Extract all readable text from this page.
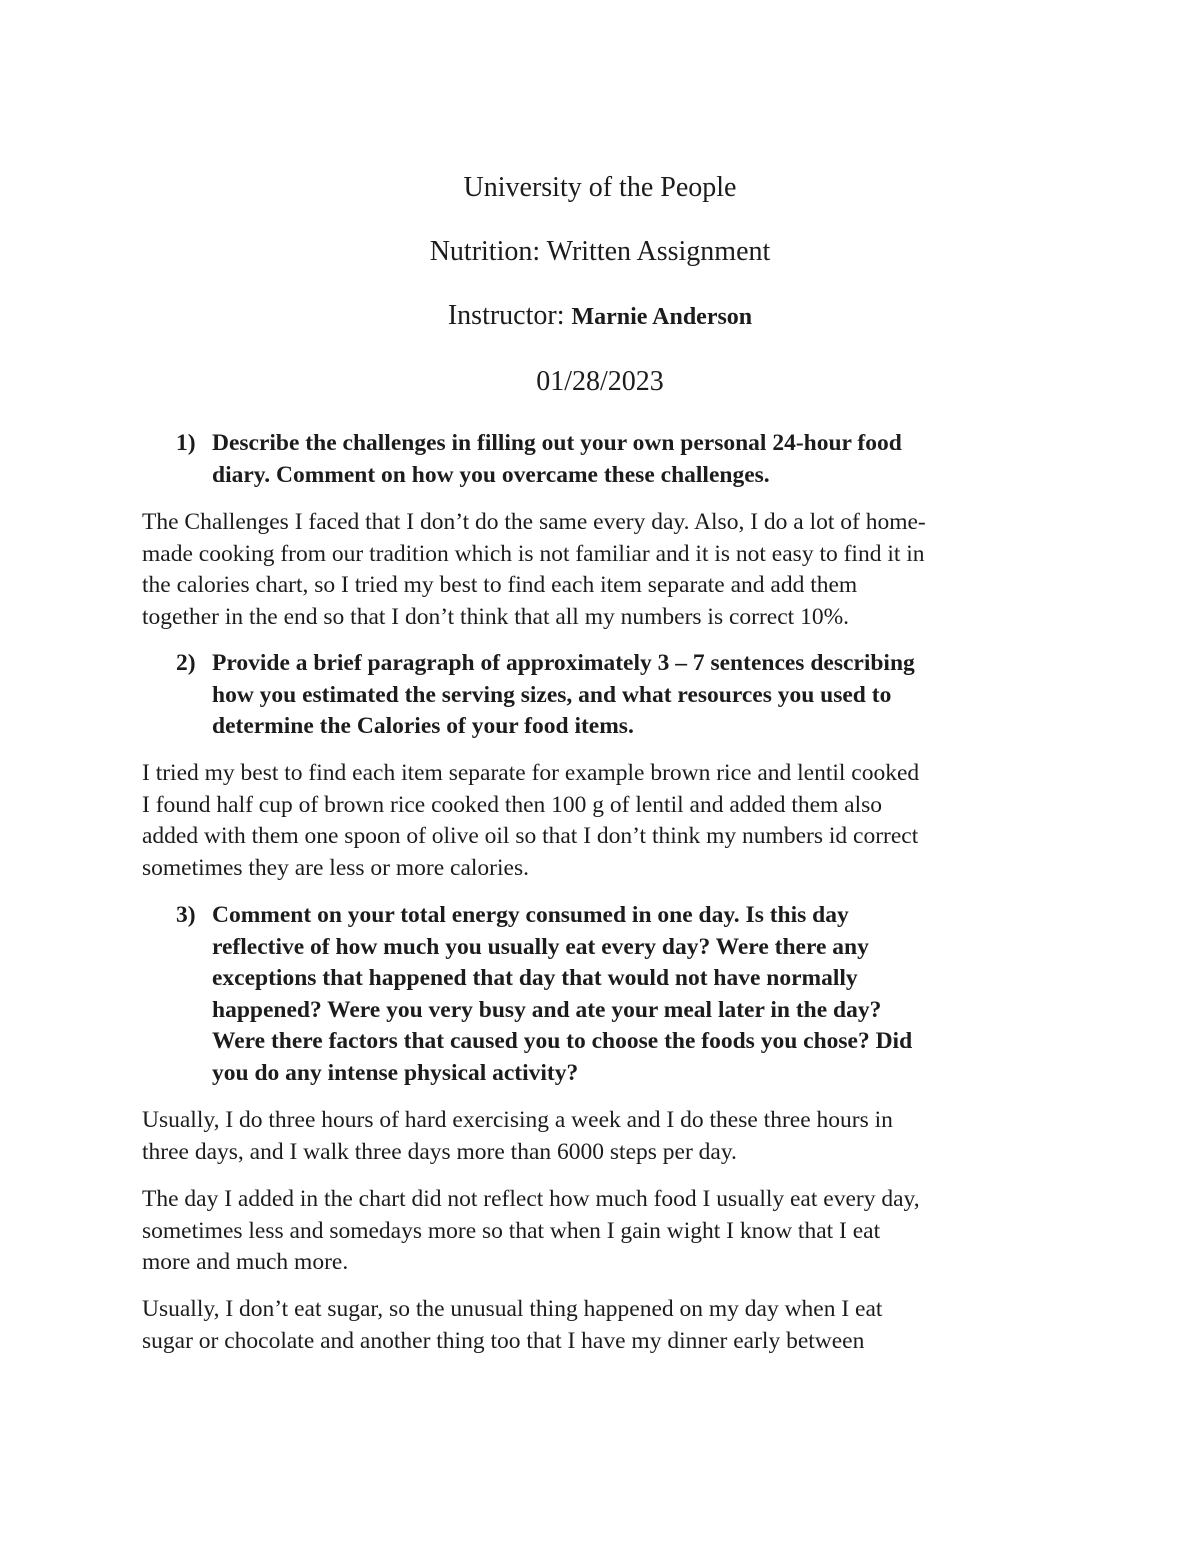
University of the People
Nutrition: Written Assignment
Instructor: Marnie Anderson
01/28/2023
1) Describe the challenges in filling out your own personal 24-hour food
diary. Comment on how you overcame these challenges.
The Challenges I faced that I don’t do the same every day. Also, I do a lot of home-
made cooking from our tradition which is not familiar and it is not easy to find it in
the calories chart, so I tried my best to find each item separate and add them
together in the end so that I don’t think that all my numbers is correct 10%.
2) Provide a brief paragraph of approximately 3 – 7 sentences describing
how you estimated the serving sizes, and what resources you used to
determine the Calories of your food items.
I tried my best to find each item separate for example brown rice and lentil cooked
I found half cup of brown rice cooked then 100 g of lentil and added them also
added with them one spoon of olive oil so that I don’t think my numbers id correct
sometimes they are less or more calories.
3) Comment on your total energy consumed in one day. Is this day
reflective of how much you usually eat every day? Were there any
exceptions that happened that day that would not have normally
happened? Were you very busy and ate your meal later in the day?
Were there factors that caused you to choose the foods you chose? Did
you do any intense physical activity?
Usually, I do three hours of hard exercising a week and I do these three hours in
three days, and I walk three days more than 6000 steps per day.
The day I added in the chart did not reflect how much food I usually eat every day,
sometimes less and somedays more so that when I gain wight I know that I eat
more and much more.
Usually, I don’t eat sugar, so the unusual thing happened on my day when I eat
sugar or chocolate and another thing too that I have my dinner early between
